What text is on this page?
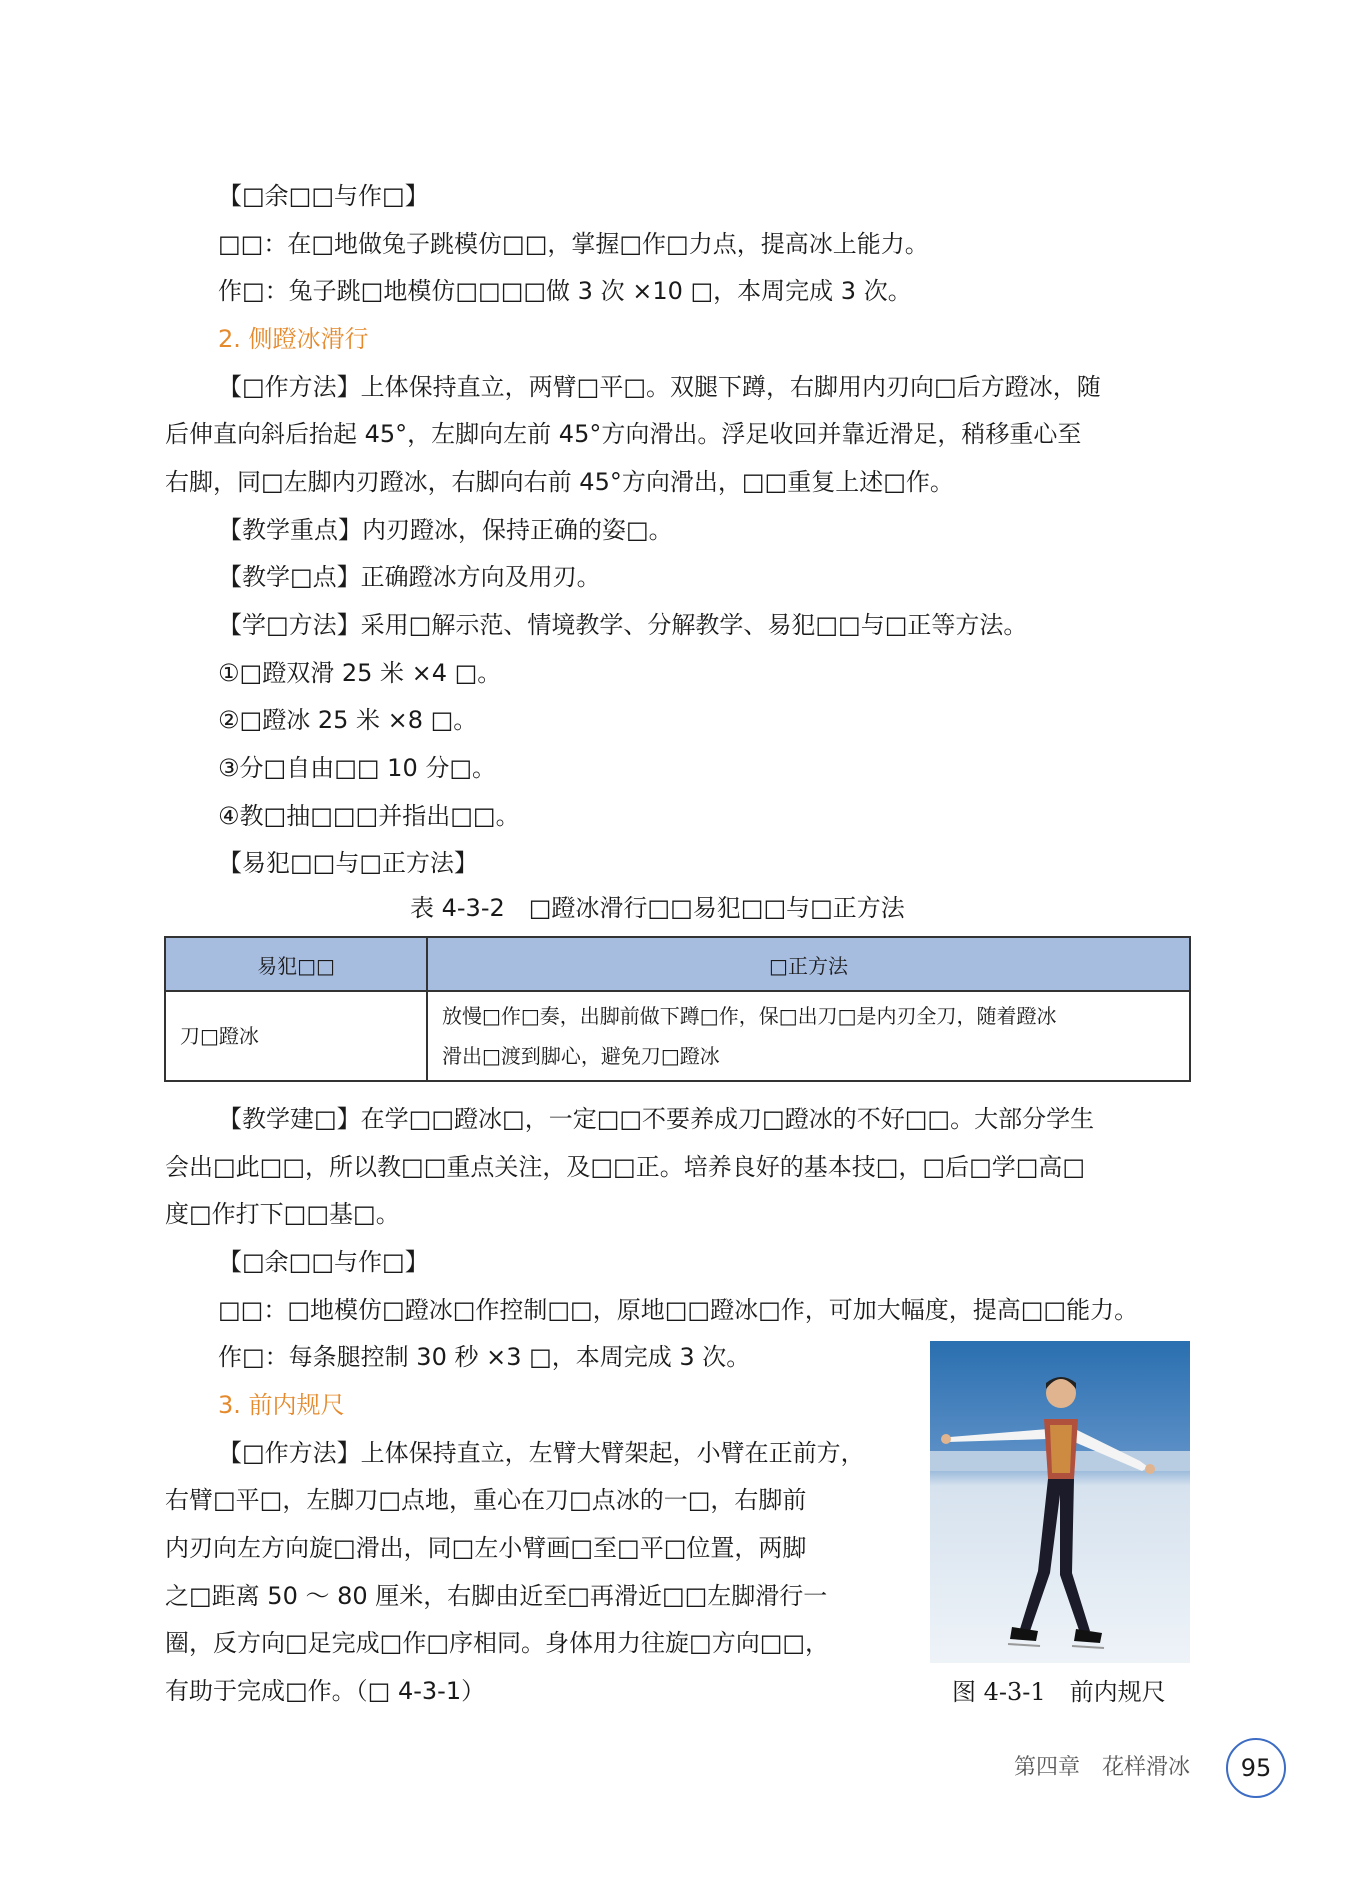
【□余□□与作□】
□□：在□地做兔子跳模仿□□，掌握□作□力点，提高冰上能力。
作□：兔子跳□地模仿□□□□做 3 次 ×10 □，本周完成 3 次。
2. 侧蹬冰滑行
【□作方法】上体保持直立，两臂□平□。双腿下蹲，右脚用内刃向□后方蹬冰，随
后伸直向斜后抬起 45°，左脚向左前 45°方向滑出。浮足收回并靠近滑足，稍移重心至
右脚，同□左脚内刃蹬冰，右脚向右前 45°方向滑出，□□重复上述□作。
【教学重点】内刃蹬冰，保持正确的姿□。
【教学□点】正确蹬冰方向及用刃。
【学□方法】采用□解示范、情境教学、分解教学、易犯□□与□正等方法。
①□蹬双滑 25 米 ×4 □。
②□蹬冰 25 米 ×8 □。
③分□自由□□ 10 分□。
④教□抽□□□并指出□□。
【易犯□□与□正方法】
表 4-3-2　□蹬冰滑行□□易犯□□与□正方法
易犯□□	□正方法
刀□蹬冰	放慢□作□奏，出脚前做下蹲□作，保□出刀□是内刃全刀，随着蹬冰
滑出□渡到脚心，避免刀□蹬冰
【教学建□】在学□□蹬冰□，一定□□不要养成刀□蹬冰的不好□□。大部分学生
会出□此□□，所以教□□重点关注，及□□正。培养良好的基本技□，□后□学□高□
度□作打下□□基□。
【□余□□与作□】
□□：□地模仿□蹬冰□作控制□□，原地□□蹬冰□作，可加大幅度，提高□□能力。
作□：每条腿控制 30 秒 ×3 □，本周完成 3 次。
3. 前内规尺
【□作方法】上体保持直立，左臂大臂架起，小臂在正前方，
右臂□平□，左脚刀□点地，重心在刀□点冰的一□，右脚前
内刃向左方向旋□滑出，同□左小臂画□至□平□位置，两脚
之□距离 50 ～ 80 厘米，右脚由近至□再滑近□□左脚滑行一
圈，反方向□足完成□作□序相同。身体用力往旋□方向□□，
有助于完成□作。（□ 4-3-1）	图 4-3-1　前内规尺
第四章　花样滑冰	95
